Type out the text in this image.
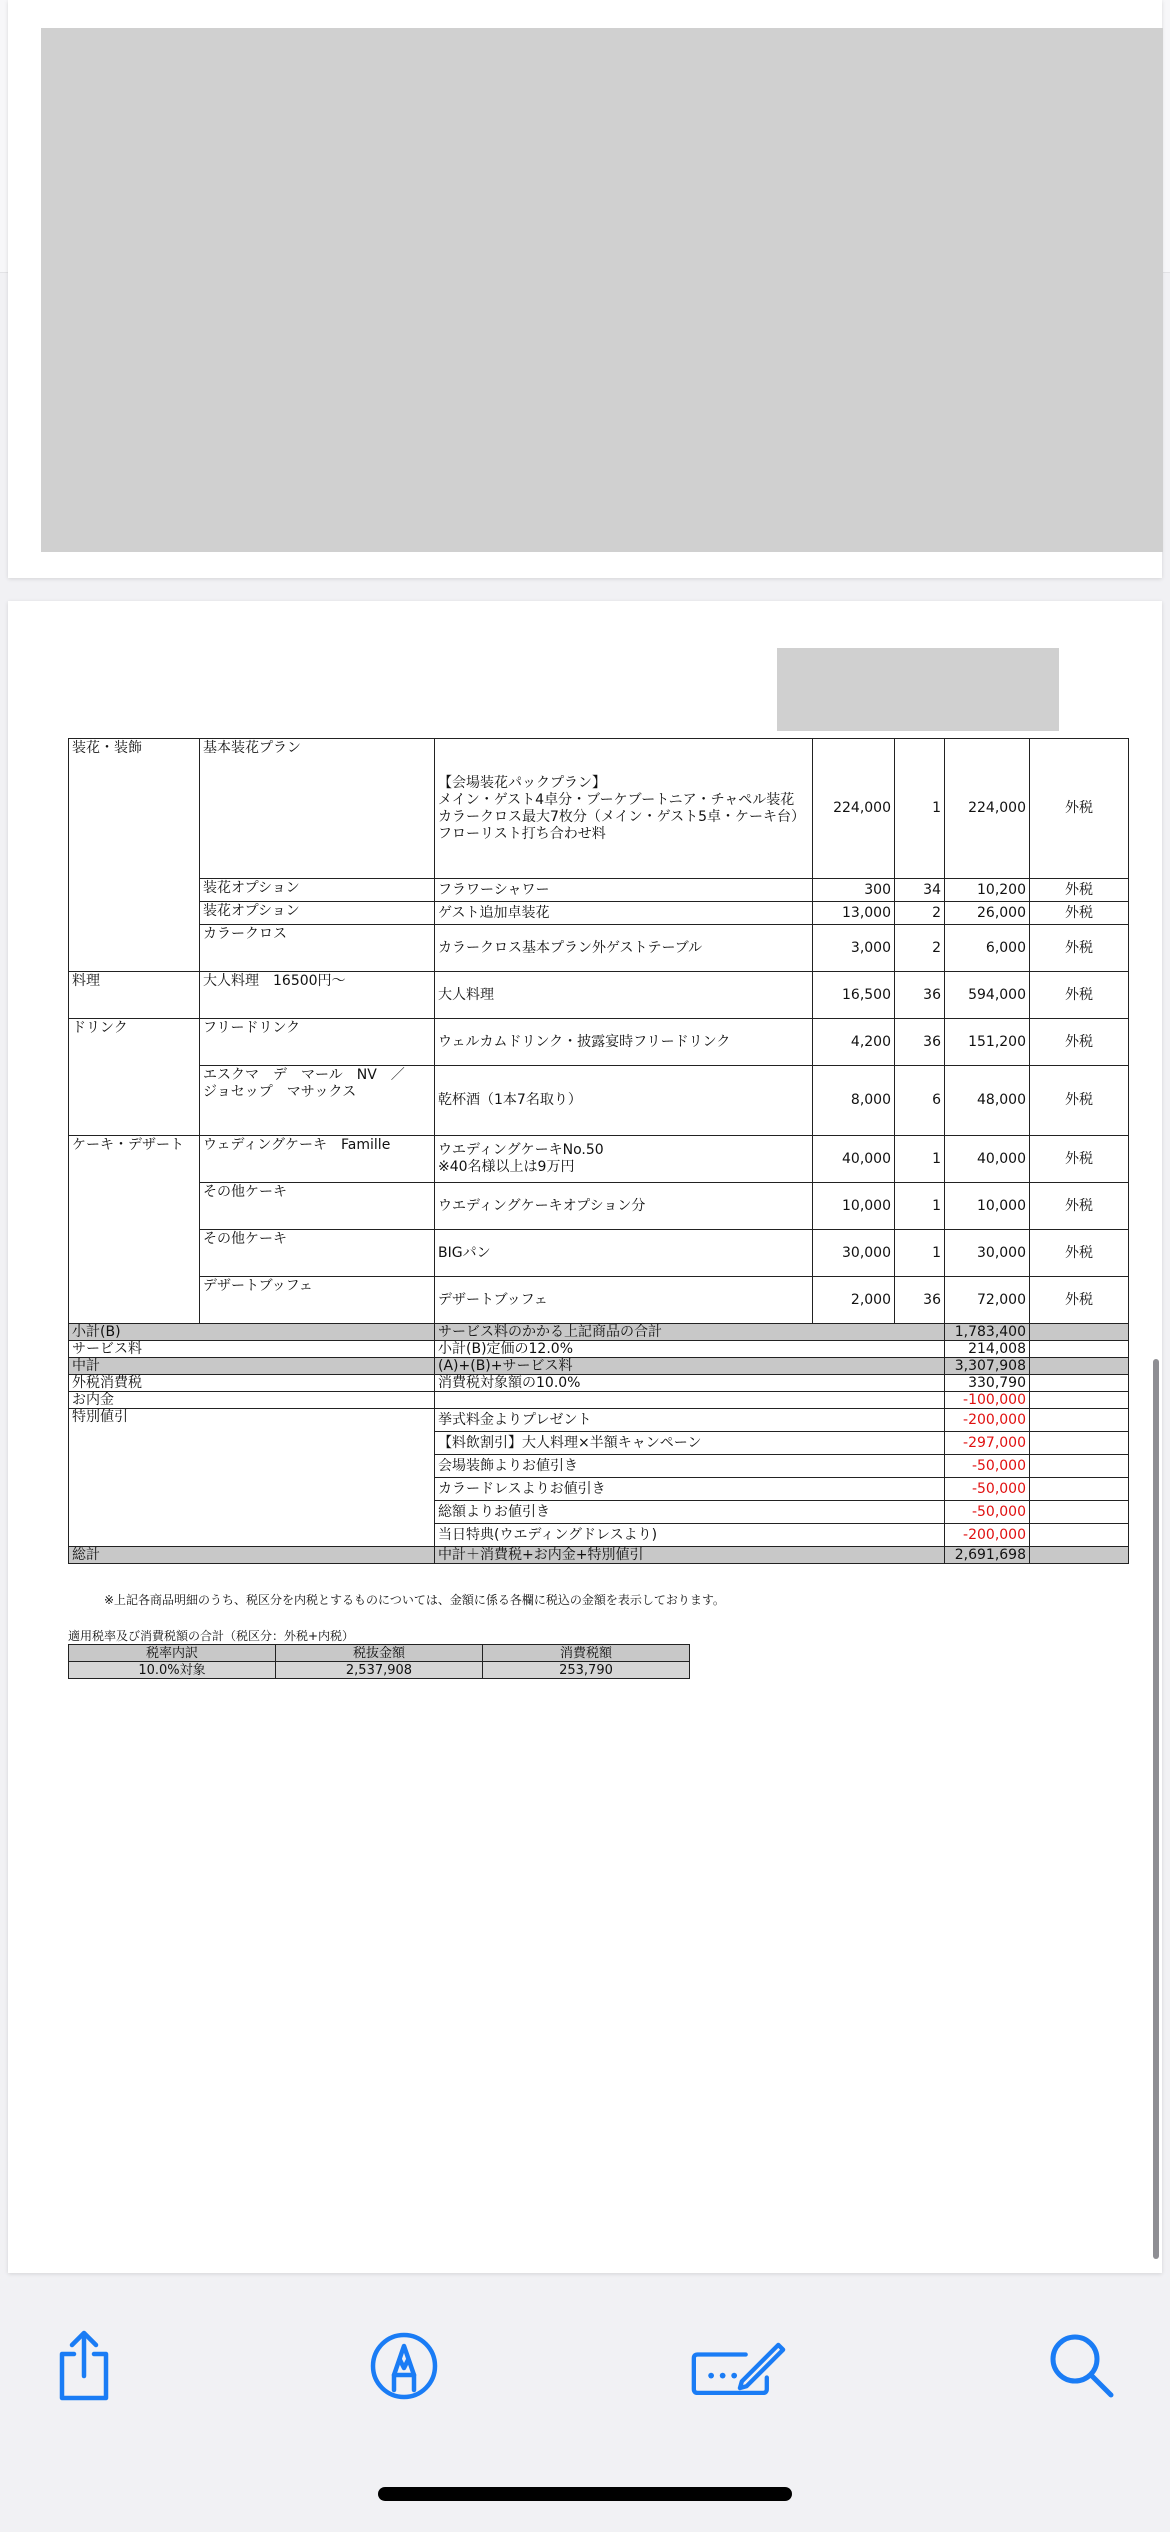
装花・装飾	基本装花プラン	【会場装花パックプラン】
メイン・ゲスト4卓分・ブーケブートニア・チャペル装花
カラークロス最大7枚分（メイン・ゲスト5卓・ケーキ台）
フローリスト打ち合わせ料	224,000	1	224,000	外税
	装花オプション	フラワーシャワー	300	34	10,200	外税
	装花オプション	ゲスト追加卓装花	13,000	2	26,000	外税
	カラークロス	カラークロス基本プラン外ゲストテーブル	3,000	2	6,000	外税
料理	大人料理　16500円〜	大人料理	16,500	36	594,000	外税
ドリンク	フリードリンク	ウェルカムドリンク・披露宴時フリードリンク	4,200	36	151,200	外税
	エスクマ　デ　マール　NV　／
ジョセップ　マサックス	乾杯酒（1本7名取り）	8,000	6	48,000	外税
ケーキ・デザート	ウェディングケーキ　Famille	ウエディングケーキNo.50
※40名様以上は9万円	40,000	1	40,000	外税
	その他ケーキ	ウエディングケーキオプション分	10,000	1	10,000	外税
	その他ケーキ	BIGパン	30,000	1	30,000	外税
	デザートブッフェ	デザートブッフェ	2,000	36	72,000	外税
小計(B)		サービス料のかかる上記商品の合計			1,783,400	
サービス料		小計(B)定価の12.0%			214,008	
中計		(A)+(B)+サービス料			3,307,908	
外税消費税		消費税対象額の10.0%			330,790	
お内金					-100,000	
特別値引		挙式料金よりプレゼント			-200,000	
		【料飲割引】大人料理×半額キャンペーン			-297,000	
		会場装飾よりお値引き			-50,000	
		カラードレスよりお値引き			-50,000	
		総額よりお値引き			-50,000	
		当日特典(ウエディングドレスより)			-200,000	
総計		中計＋消費税+お内金+特別値引			2,691,698	
※上記各商品明細のうち、税区分を内税とするものについては、金額に係る各欄に税込の金額を表示しております。
適用税率及び消費税額の合計（税区分：外税+内税）
税率内訳	税抜金額	消費税額
10.0%対象	2,537,908	253,790
